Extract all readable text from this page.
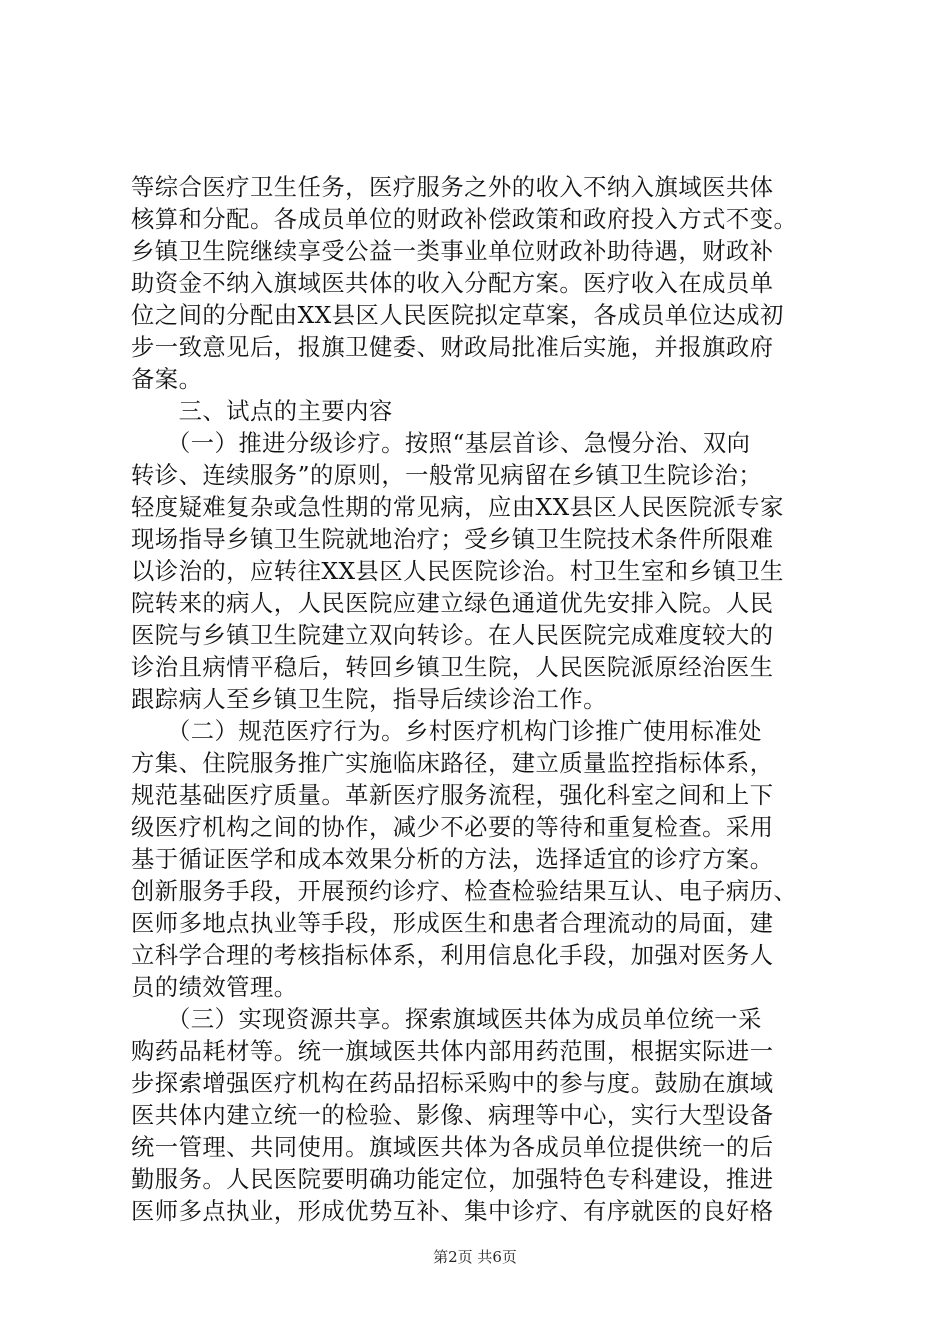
等综合医疗卫生任务，医疗服务之外的收入不纳入旗域医共体
核算和分配。各成员单位的财政补偿政策和政府投入方式不变。
乡镇卫生院继续享受公益一类事业单位财政补助待遇，财政补
助资金不纳入旗域医共体的收入分配方案。医疗收入在成员单
位之间的分配由XX县区人民医院拟定草案，各成员单位达成初
步一致意见后，报旗卫健委、财政局批准后实施，并报旗政府
备案。
　　三、试点的主要内容
　　（一）推进分级诊疗。按照“基层首诊、急慢分治、双向
转诊、连续服务”的原则，一般常见病留在乡镇卫生院诊治；
轻度疑难复杂或急性期的常见病，应由XX县区人民医院派专家
现场指导乡镇卫生院就地治疗；受乡镇卫生院技术条件所限难
以诊治的，应转往XX县区人民医院诊治。村卫生室和乡镇卫生
院转来的病人，人民医院应建立绿色通道优先安排入院。人民
医院与乡镇卫生院建立双向转诊。在人民医院完成难度较大的
诊治且病情平稳后，转回乡镇卫生院，人民医院派原经治医生
跟踪病人至乡镇卫生院，指导后续诊治工作。
　　（二）规范医疗行为。乡村医疗机构门诊推广使用标准处
方集、住院服务推广实施临床路径，建立质量监控指标体系，
规范基础医疗质量。革新医疗服务流程，强化科室之间和上下
级医疗机构之间的协作，减少不必要的等待和重复检查。采用
基于循证医学和成本效果分析的方法，选择适宜的诊疗方案。
创新服务手段，开展预约诊疗、检查检验结果互认、电子病历、
医师多地点执业等手段，形成医生和患者合理流动的局面，建
立科学合理的考核指标体系，利用信息化手段，加强对医务人
员的绩效管理。
　　（三）实现资源共享。探索旗域医共体为成员单位统一采
购药品耗材等。统一旗域医共体内部用药范围，根据实际进一
步探索增强医疗机构在药品招标采购中的参与度。鼓励在旗域
医共体内建立统一的检验、影像、病理等中心，实行大型设备
统一管理、共同使用。旗域医共体为各成员单位提供统一的后
勤服务。人民医院要明确功能定位，加强特色专科建设，推进
医师多点执业，形成优势互补、集中诊疗、有序就医的良好格
第2页 共6页
